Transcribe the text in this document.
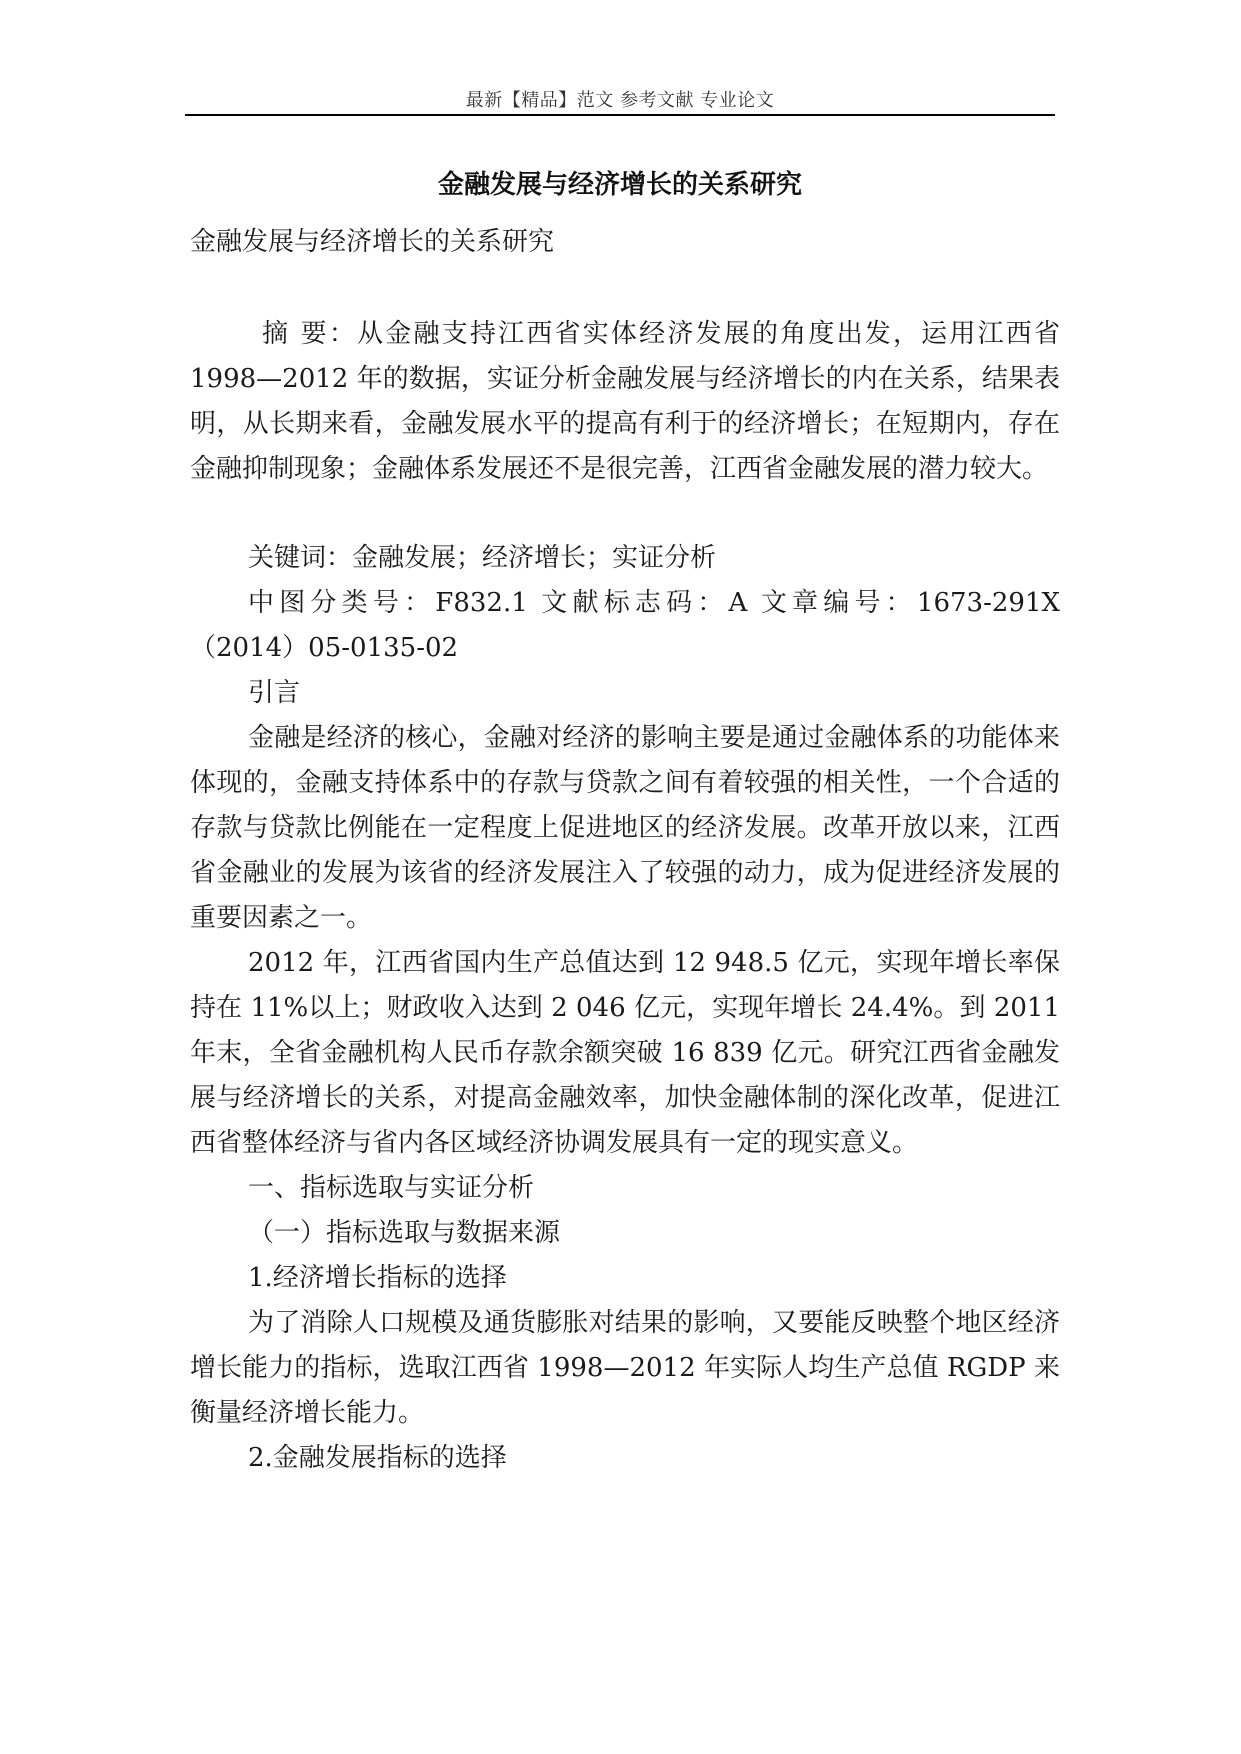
最新【精品】范文 参考文献 专业论文
金融发展与经济增长的关系研究

金融发展与经济增长的关系研究

摘 要：从金融支持江西省实体经济发展的角度出发，运用江西省 1998—2012 年的数据，实证分析金融发展与经济增长的内在关系，结果表明，从长期来看，金融发展水平的提高有利于的经济增长；在短期内，存在金融抑制现象；金融体系发展还不是很完善，江西省金融发展的潜力较大。

关键词：金融发展；经济增长；实证分析

中图分类号：F832.1 文献标志码：A 文章编号：1673-291X（2014）05-0135-02

引言

金融是经济的核心，金融对经济的影响主要是通过金融体系的功能体来体现的，金融支持体系中的存款与贷款之间有着较强的相关性，一个合适的存款与贷款比例能在一定程度上促进地区的经济发展。改革开放以来，江西省金融业的发展为该省的经济发展注入了较强的动力，成为促进经济发展的重要因素之一。

2012 年，江西省国内生产总值达到 12 948.5 亿元，实现年增长率保持在 11%以上；财政收入达到 2 046 亿元，实现年增长 24.4%。到 2011 年末，全省金融机构人民币存款余额突破 16 839 亿元。研究江西省金融发展与经济增长的关系，对提高金融效率，加快金融体制的深化改革，促进江西省整体经济与省内各区域经济协调发展具有一定的现实意义。

一、指标选取与实证分析

（一）指标选取与数据来源

1.经济增长指标的选择

为了消除人口规模及通货膨胀对结果的影响，又要能反映整个地区经济增长能力的指标，选取江西省 1998—2012 年实际人均生产总值 RGDP 来衡量经济增长能力。

2.金融发展指标的选择
